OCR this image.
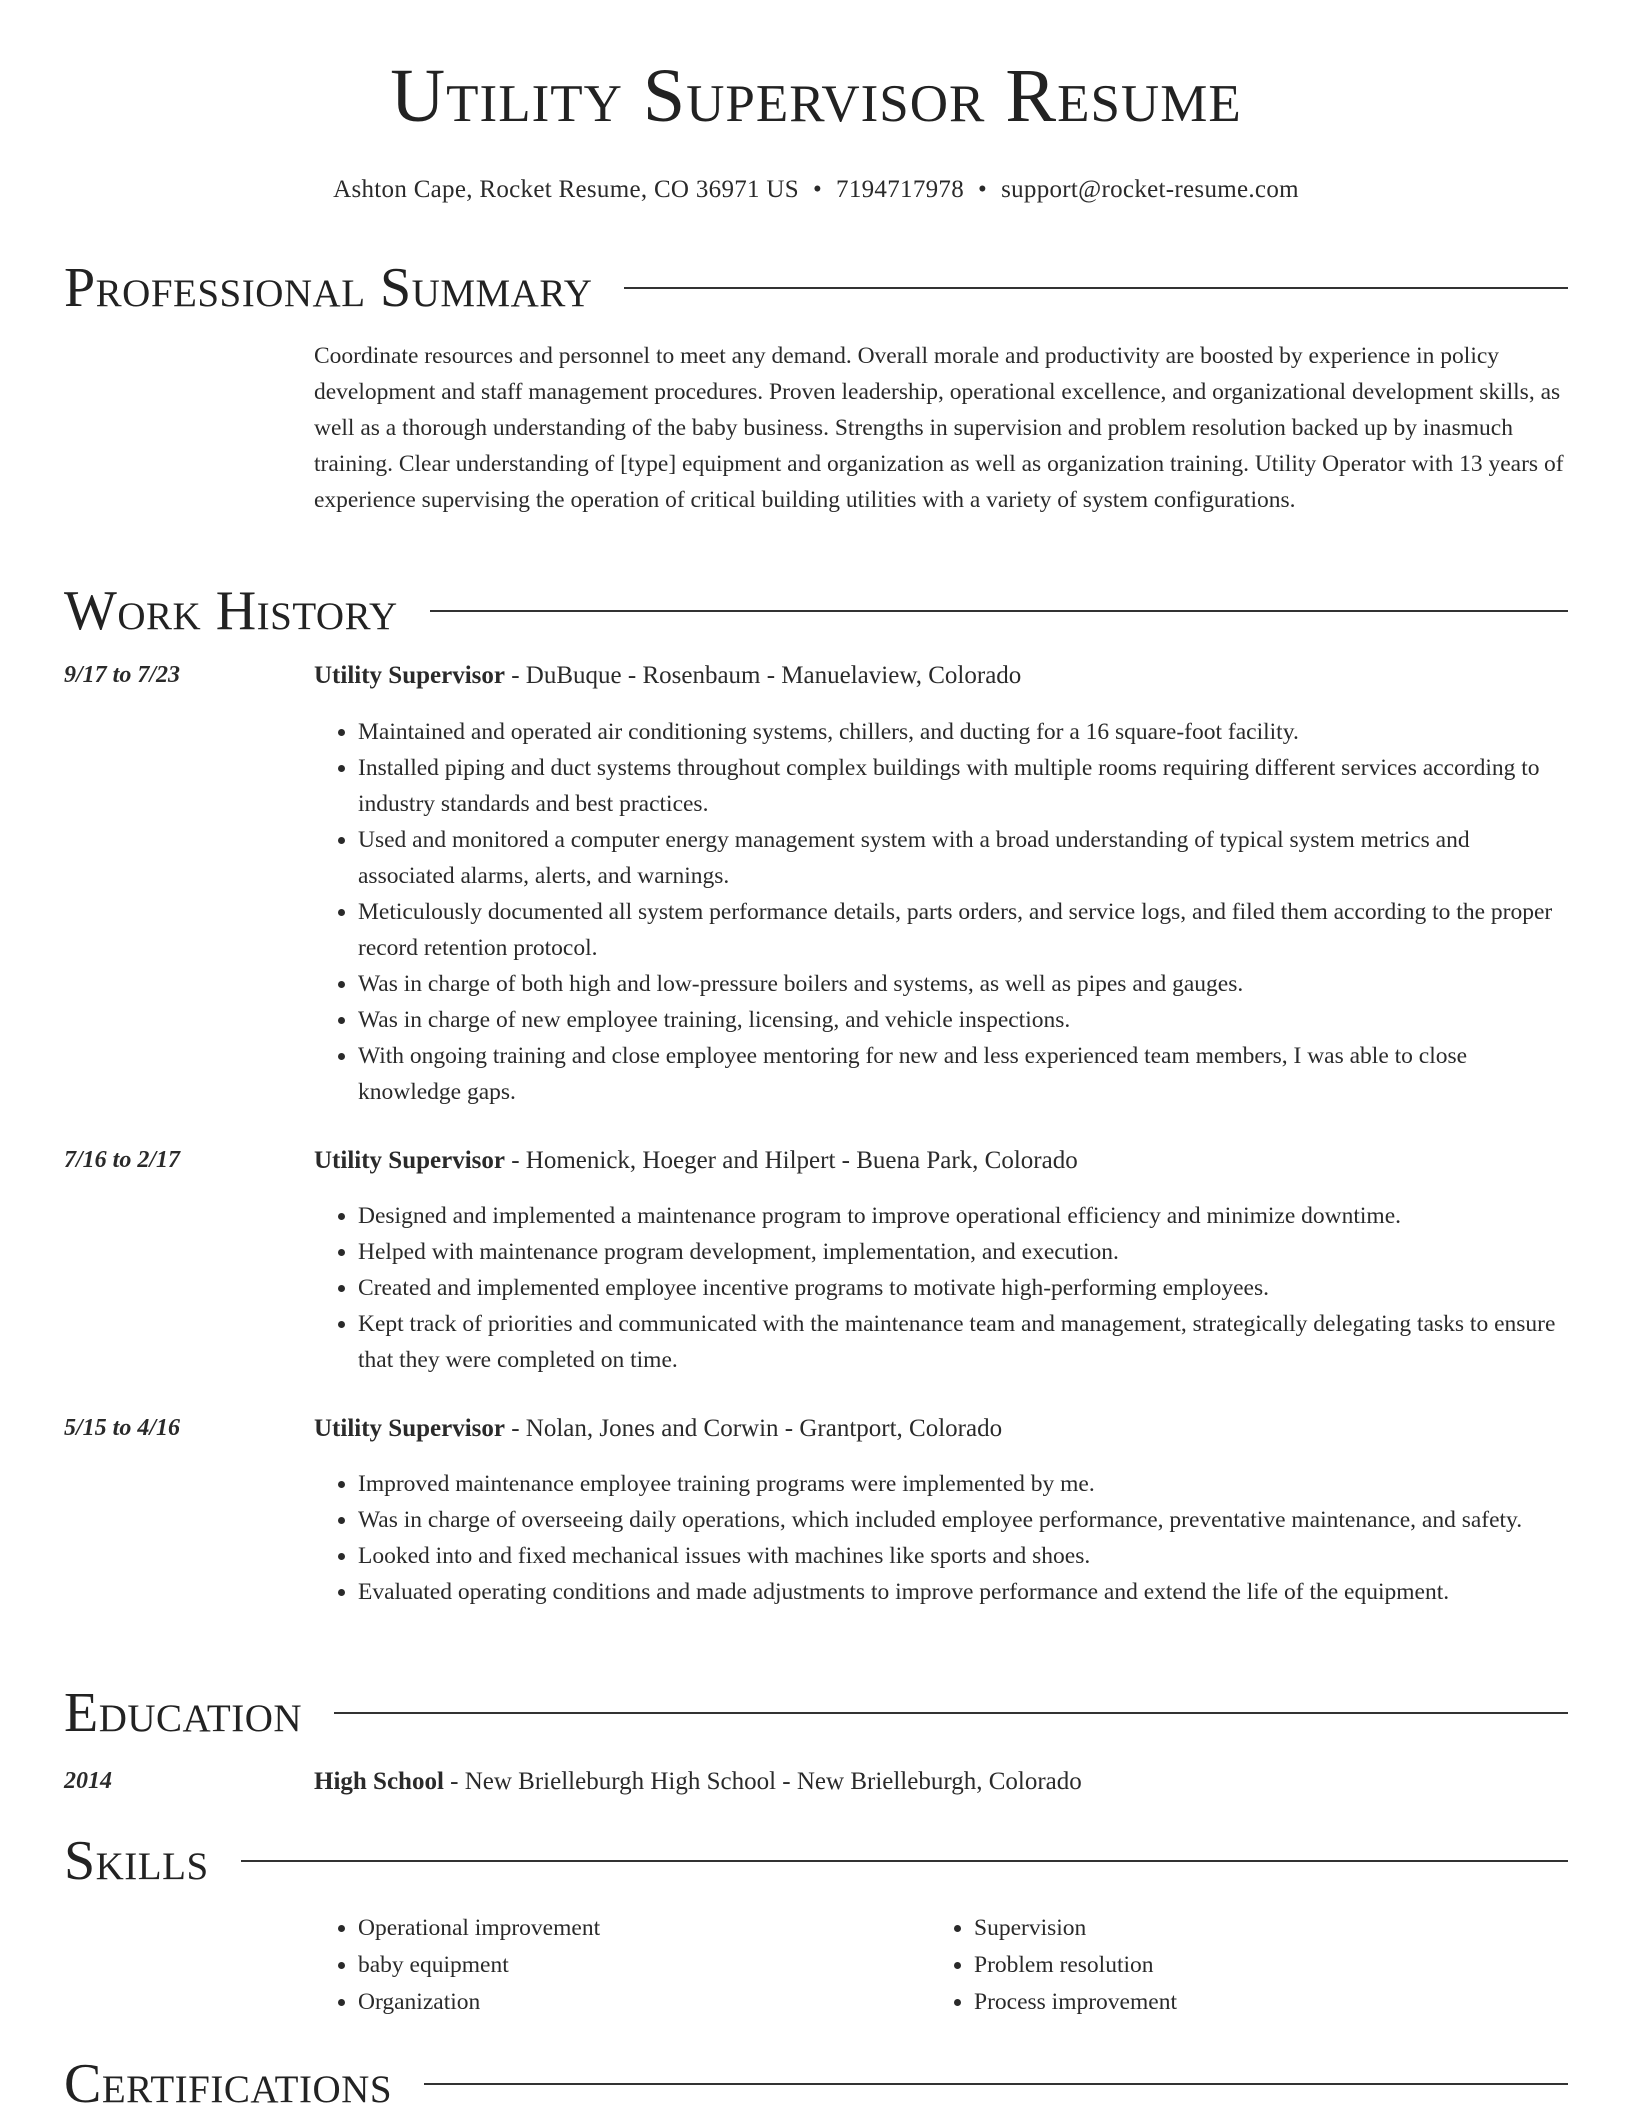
Utility Supervisor Resume
Ashton Cape, Rocket Resume, CO 36971 US • 7194717978 • support@rocket-resume.com
Professional Summary

Coordinate resources and personnel to meet any demand. Overall morale and productivity are boosted by experience in policy development and staff management procedures. Proven leadership, operational excellence, and organizational development skills, as well as a thorough understanding of the baby business. Strengths in supervision and problem resolution backed up by inasmuch training. Clear understanding of [type] equipment and organization as well as organization training. Utility Operator with 13 years of experience supervising the operation of critical building utilities with a variety of system configurations.

Work History
9/17 to 7/23	Utility Supervisor - DuBuque - Rosenbaum - Manuelaview, Colorado
• Maintained and operated air conditioning systems, chillers, and ducting for a 16 square-foot facility.
• Installed piping and duct systems throughout complex buildings with multiple rooms requiring different services according to industry standards and best practices.
• Used and monitored a computer energy management system with a broad understanding of typical system metrics and associated alarms, alerts, and warnings.
• Meticulously documented all system performance details, parts orders, and service logs, and filed them according to the proper record retention protocol.
• Was in charge of both high and low-pressure boilers and systems, as well as pipes and gauges.
• Was in charge of new employee training, licensing, and vehicle inspections.
• With ongoing training and close employee mentoring for new and less experienced team members, I was able to close knowledge gaps.
7/16 to 2/17	Utility Supervisor - Homenick, Hoeger and Hilpert - Buena Park, Colorado
• Designed and implemented a maintenance program to improve operational efficiency and minimize downtime.
• Helped with maintenance program development, implementation, and execution.
• Created and implemented employee incentive programs to motivate high-performing employees.
• Kept track of priorities and communicated with the maintenance team and management, strategically delegating tasks to ensure that they were completed on time.
5/15 to 4/16	Utility Supervisor - Nolan, Jones and Corwin - Grantport, Colorado
• Improved maintenance employee training programs were implemented by me.
• Was in charge of overseeing daily operations, which included employee performance, preventative maintenance, and safety.
• Looked into and fixed mechanical issues with machines like sports and shoes.
• Evaluated operating conditions and made adjustments to improve performance and extend the life of the equipment.
Education
2014	High School - New Brielleburgh High School - New Brielleburgh, Colorado
Skills
• Operational improvement
• baby equipment
• Organization
• Supervision
• Problem resolution
• Process improvement
Certifications
